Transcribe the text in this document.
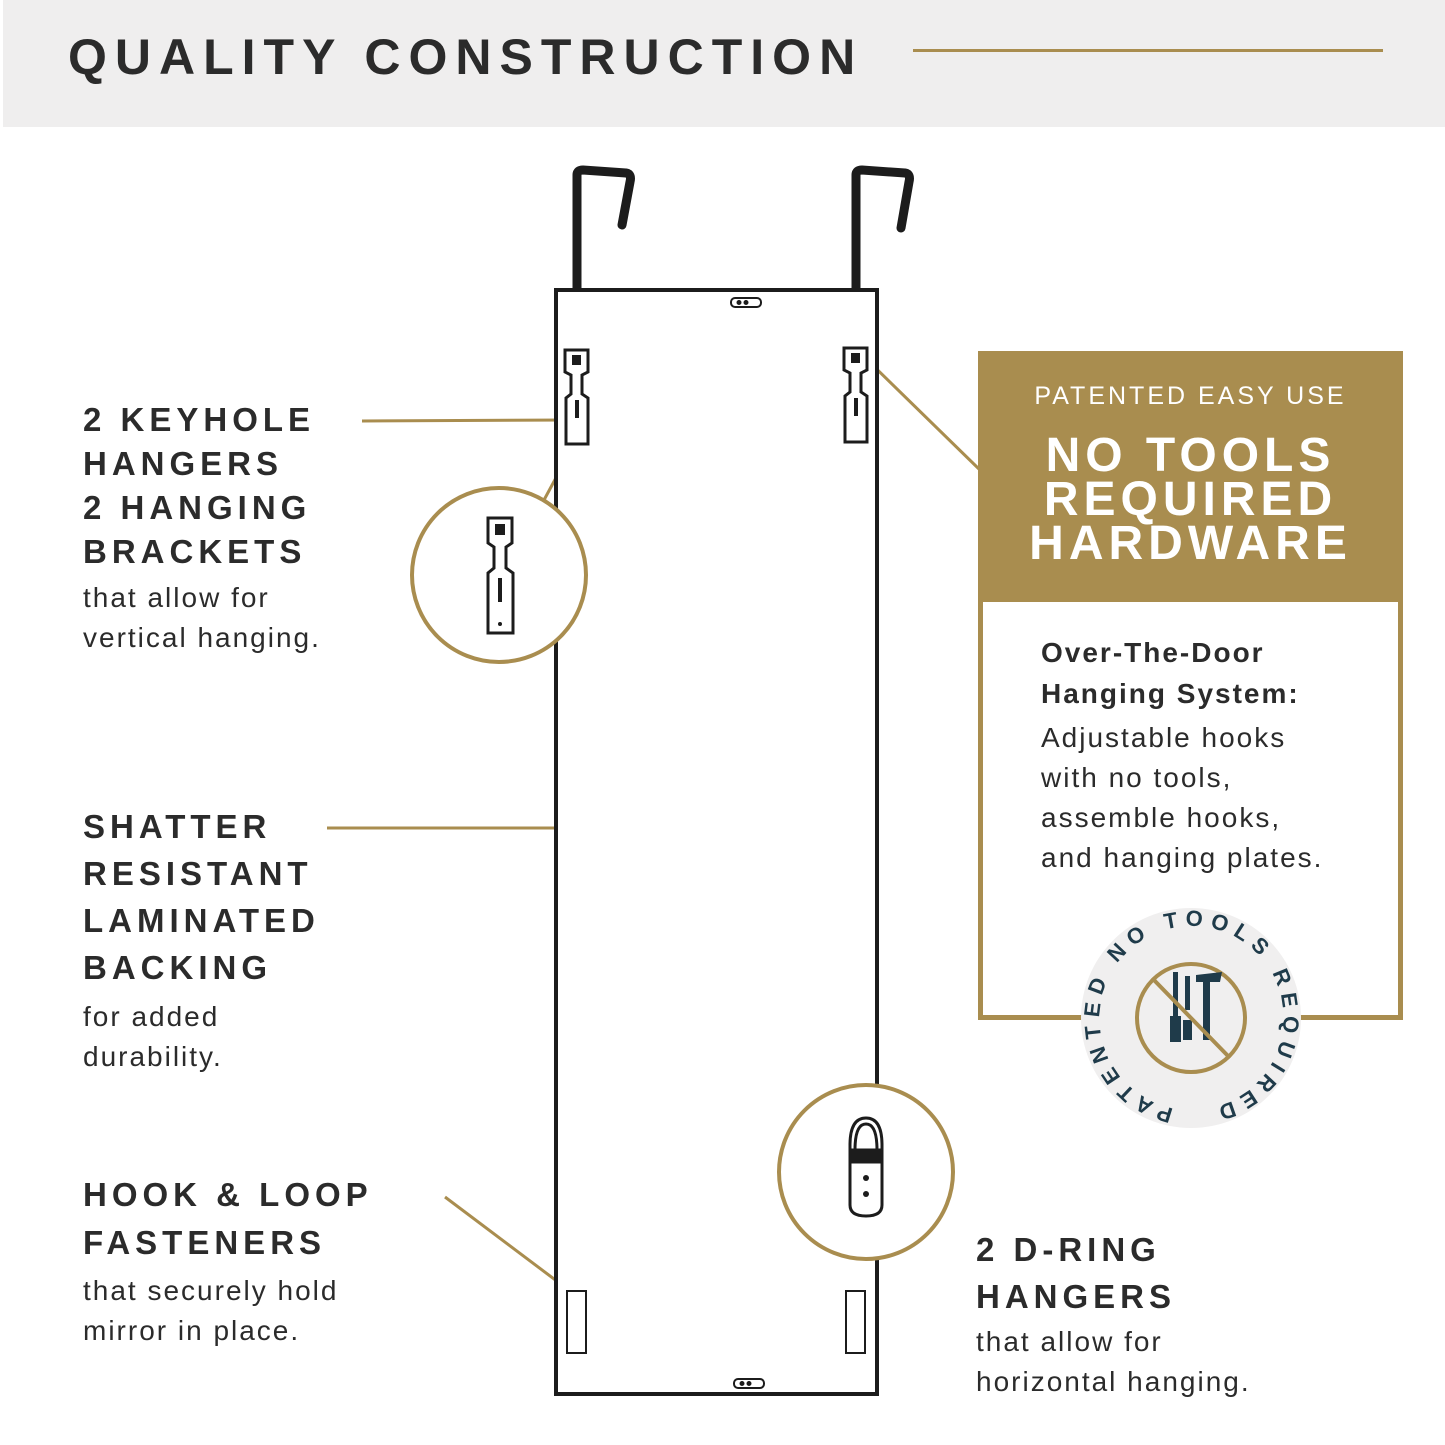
QUALITY CONSTRUCTION
2 KEYHOLE
HANGERS
2 HANGING
BRACKETS
that allow for
vertical hanging.
SHATTER
RESISTANT
LAMINATED
BACKING
for added
durability.
HOOK & LOOP
FASTENERS
that securely hold
mirror in place.
2 D-RING
HANGERS
that allow for
horizontal hanging.
PATENTED EASY USE
NO TOOLS
REQUIRED
HARDWARE
Over-The-Door
Hanging System:
Adjustable hooks
with no tools,
assemble hooks,
and hanging plates.
PATENTED NO TOOLS REQUIRED
